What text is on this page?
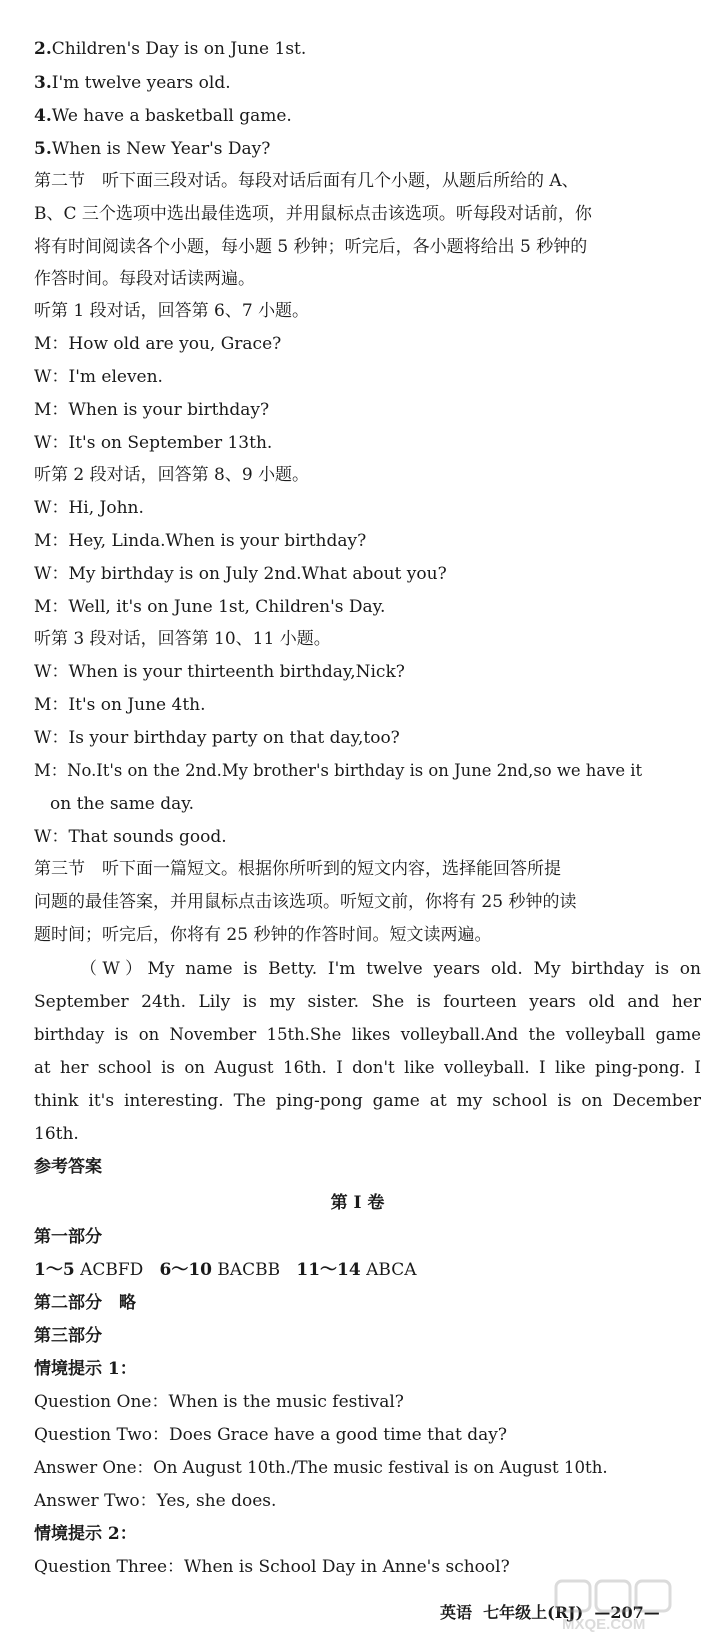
2.Children's Day is on June 1st.
3.I'm twelve years old.
4.We have a basketball game.
5.When is New Year's Day?
第二节　听下面三段对话。每段对话后面有几个小题，从题后所给的 A、
B、C 三个选项中选出最佳选项，并用鼠标点击该选项。听每段对话前，你
将有时间阅读各个小题，每小题 5 秒钟；听完后，各小题将给出 5 秒钟的
作答时间。每段对话读两遍。
听第 1 段对话，回答第 6、7 小题。
M：How old are you, Grace?
W：I'm eleven.
M：When is your birthday?
W：It's on September 13th.
听第 2 段对话，回答第 8、9 小题。
W：Hi, John.
M：Hey, Linda.When is your birthday?
W：My birthday is on July 2nd.What about you?
M：Well, it's on June 1st, Children's Day.
听第 3 段对话，回答第 10、11 小题。
W：When is your thirteenth birthday,Nick?
M：It's on June 4th.
W：Is your birthday party on that day,too?
M：No.It's on the 2nd.My brother's birthday is on June 2nd,so we have it
on the same day.
W：That sounds good.
第三节　听下面一篇短文。根据你所听到的短文内容，选择能回答所提
问题的最佳答案，并用鼠标点击该选项。听短文前，你将有 25 秒钟的读
题时间；听完后，你将有 25 秒钟的作答时间。短文读两遍。
（W）My name is Betty. I'm twelve years old. My birthday is on
September 24th. Lily is my sister. She is fourteen years old and her
birthday is on November 15th.She likes volleyball.And the volleyball game
at her school is on August 16th. I don't like volleyball. I like ping-pong. I
think it's interesting. The ping-pong game at my school is on December
16th.
参考答案
第 I 卷
第一部分
1～5 ACBFD 6～10 BACBB 11～14 ABCA
第二部分　略
第三部分
情境提示 1：
Question One：When is the music festival?
Question Two：Does Grace have a good time that day?
Answer One：On August 10th./The music festival is on August 10th.
Answer Two：Yes, she does.
情境提示 2：
Question Three：When is School Day in Anne's school?
英语 七年级上(RJ) —207—
MXQE.COM
